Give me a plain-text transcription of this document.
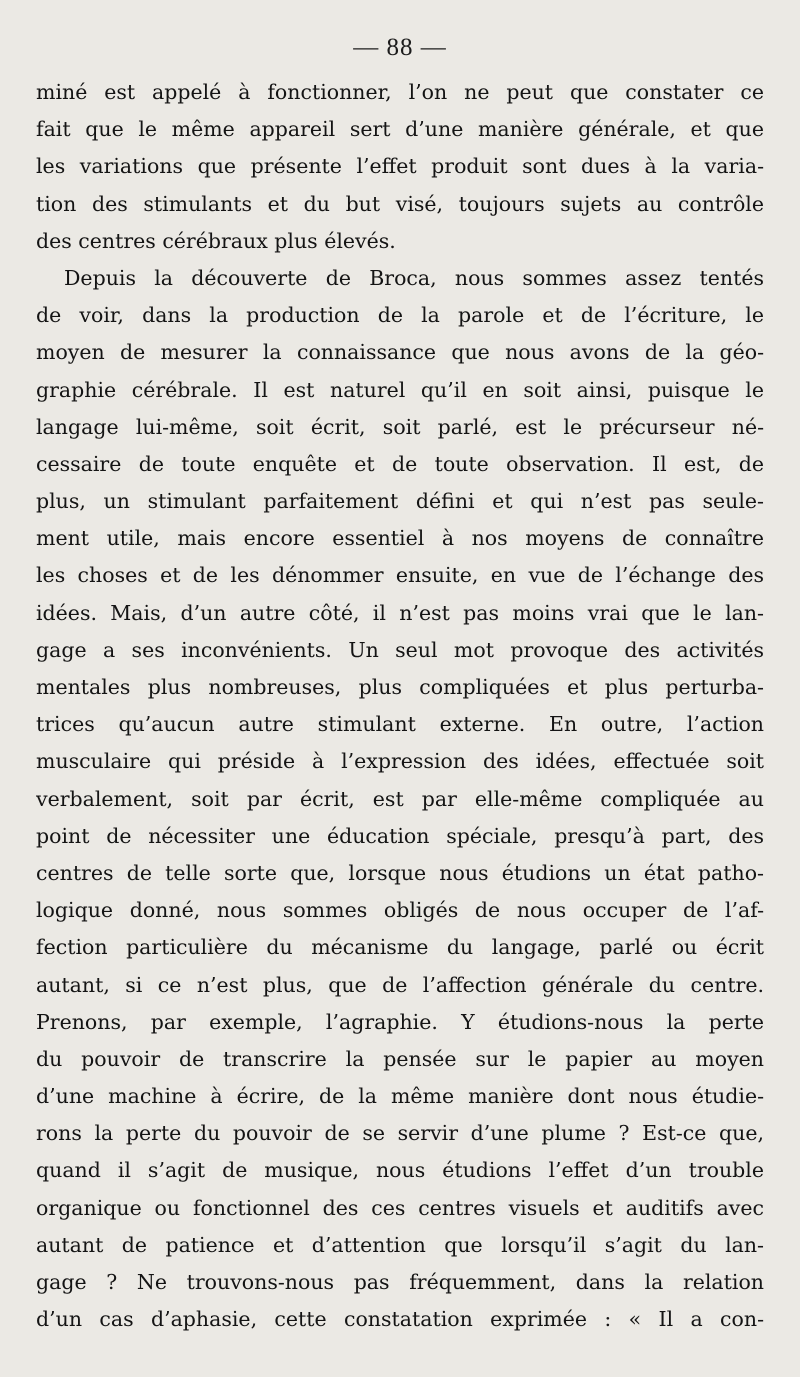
— 88 —
miné est appelé à fonctionner, l’on ne peut que constater ce
fait que le même appareil sert d’une manière générale, et que
les variations que présente l’effet produit sont dues à la varia-
tion des stimulants et du but visé, toujours sujets au contrôle
des centres cérébraux plus élevés.
Depuis la découverte de Broca, nous sommes assez tentés
de voir, dans la production de la parole et de l’écriture, le
moyen de mesurer la connaissance que nous avons de la géo-
graphie cérébrale. Il est naturel qu’il en soit ainsi, puisque le
langage lui-même, soit écrit, soit parlé, est le précurseur né-
cessaire de toute enquête et de toute observation. Il est, de
plus, un stimulant parfaitement défini et qui n’est pas seule-
ment utile, mais encore essentiel à nos moyens de connaître
les choses et de les dénommer ensuite, en vue de l’échange des
idées. Mais, d’un autre côté, il n’est pas moins vrai que le lan-
gage a ses inconvénients. Un seul mot provoque des activités
mentales plus nombreuses, plus compliquées et plus perturba-
trices qu’aucun autre stimulant externe. En outre, l’action
musculaire qui préside à l’expression des idées, effectuée soit
verbalement, soit par écrit, est par elle-même compliquée au
point de nécessiter une éducation spéciale, presqu’à part, des
centres de telle sorte que, lorsque nous étudions un état patho-
logique donné, nous sommes obligés de nous occuper de l’af-
fection particulière du mécanisme du langage, parlé ou écrit
autant, si ce n’est plus, que de l’affection générale du centre.
Prenons, par exemple, l’agraphie. Y étudions-nous la perte
du pouvoir de transcrire la pensée sur le papier au moyen
d’une machine à écrire, de la même manière dont nous étudie-
rons la perte du pouvoir de se servir d’une plume ? Est-ce que,
quand il s’agit de musique, nous étudions l’effet d’un trouble
organique ou fonctionnel des ces centres visuels et auditifs avec
autant de patience et d’attention que lorsqu’il s’agit du lan-
gage ? Ne trouvons-nous pas fréquemment, dans la relation
d’un cas d’aphasie, cette constatation exprimée : « Il a con-
